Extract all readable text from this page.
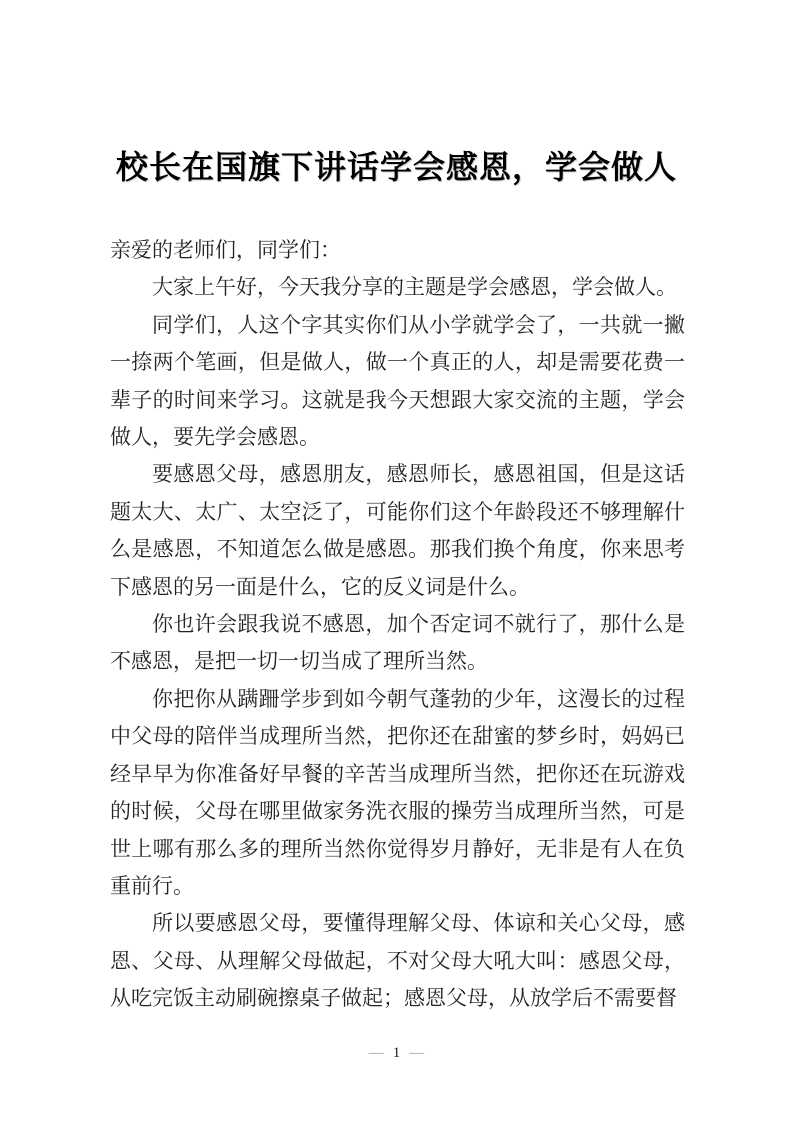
校长在国旗下讲话学会感恩，学会做人

亲爱的老师们，同学们：

大家上午好，今天我分享的主题是学会感恩，学会做人。

同学们，人这个字其实你们从小学就学会了，一共就一撇一捺两个笔画，但是做人，做一个真正的人，却是需要花费一辈子的时间来学习。这就是我今天想跟大家交流的主题，学会做人，要先学会感恩。

要感恩父母，感恩朋友，感恩师长，感恩祖国，但是这话题太大、太广、太空泛了，可能你们这个年龄段还不够理解什么是感恩，不知道怎么做是感恩。那我们换个角度，你来思考下感恩的另一面是什么，它的反义词是什么。

你也许会跟我说不感恩，加个否定词不就行了，那什么是不感恩，是把一切一切当成了理所当然。

你把你从蹒跚学步到如今朝气蓬勃的少年，这漫长的过程中父母的陪伴当成理所当然，把你还在甜蜜的梦乡时，妈妈已经早早为你准备好早餐的辛苦当成理所当然，把你还在玩游戏的时候，父母在哪里做家务洗衣服的操劳当成理所当然，可是世上哪有那么多的理所当然你觉得岁月静好，无非是有人在负重前行。

所以要感恩父母，要懂得理解父母、体谅和关心父母，感恩、父母、从理解父母做起，不对父母大吼大叫：感恩父母，从吃完饭主动刷碗擦桌子做起；感恩父母，从放学后不需要督

— 1 —
